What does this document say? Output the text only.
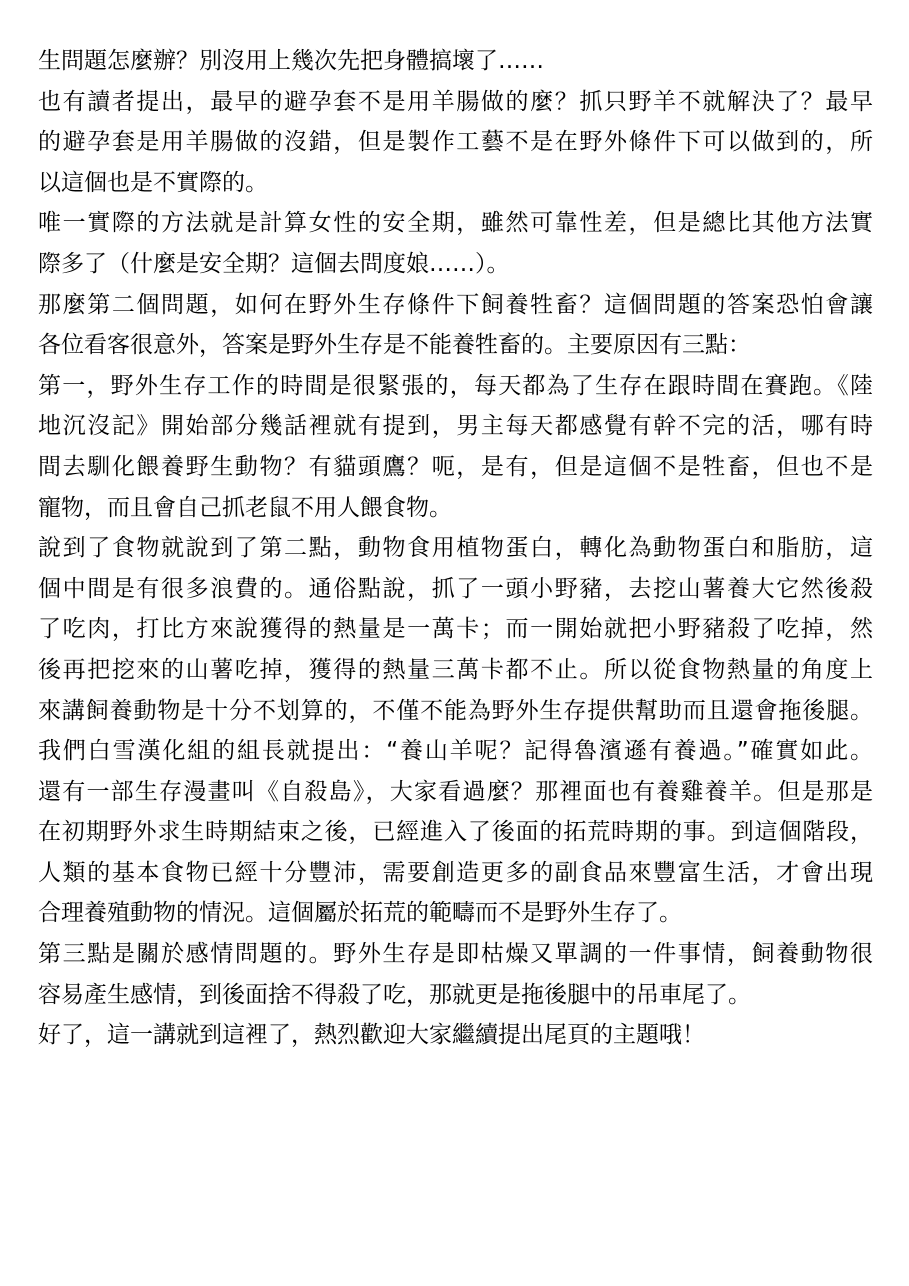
生問題怎麼辦？別沒用上幾次先把身體搞壞了……
也有讀者提出，最早的避孕套不是用羊腸做的麼？抓只野羊不就解決了？最早
的避孕套是用羊腸做的沒錯，但是製作工藝不是在野外條件下可以做到的，所
以這個也是不實際的。
唯一實際的方法就是計算女性的安全期，雖然可靠性差，但是總比其他方法實
際多了（什麼是安全期？這個去問度娘……）。
那麼第二個問題，如何在野外生存條件下飼養牲畜？這個問題的答案恐怕會讓
各位看客很意外，答案是野外生存是不能養牲畜的。主要原因有三點：
第一，野外生存工作的時間是很緊張的，每天都為了生存在跟時間在賽跑。《陸
地沉沒記》開始部分幾話裡就有提到，男主每天都感覺有幹不完的活，哪有時
間去馴化餵養野生動物？有貓頭鷹？呃，是有，但是這個不是牲畜，但也不是
寵物，而且會自己抓老鼠不用人餵食物。
說到了食物就說到了第二點，動物食用植物蛋白，轉化為動物蛋白和脂肪，這
個中間是有很多浪費的。通俗點說，抓了一頭小野豬，去挖山薯養大它然後殺
了吃肉，打比方來說獲得的熱量是一萬卡；而一開始就把小野豬殺了吃掉，然
後再把挖來的山薯吃掉，獲得的熱量三萬卡都不止。所以從食物熱量的角度上
來講飼養動物是十分不划算的，不僅不能為野外生存提供幫助而且還會拖後腿。
我們白雪漢化組的組長就提出：“養山羊呢？記得魯濱遜有養過。”確實如此。
還有一部生存漫畫叫《自殺島》，大家看過麼？那裡面也有養雞養羊。但是那是
在初期野外求生時期結束之後，已經進入了後面的拓荒時期的事。到這個階段，
人類的基本食物已經十分豐沛，需要創造更多的副食品來豐富生活，才會出現
合理養殖動物的情況。這個屬於拓荒的範疇而不是野外生存了。
第三點是關於感情問題的。野外生存是即枯燥又單調的一件事情，飼養動物很
容易產生感情，到後面捨不得殺了吃，那就更是拖後腿中的吊車尾了。
好了，這一講就到這裡了，熱烈歡迎大家繼續提出尾頁的主題哦！
